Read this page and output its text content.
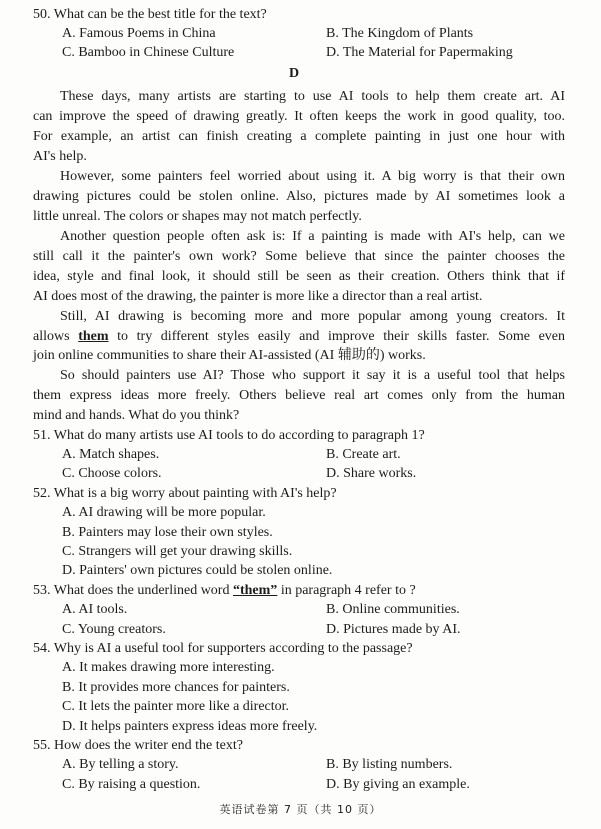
50. What can be the best title for the text?
A. Famous Poems in China	B. The Kingdom of Plants
C. Bamboo in Chinese Culture	D. The Material for Papermaking
D
These days, many artists are starting to use AI tools to help them create art. AI
can improve the speed of drawing greatly. It often keeps the work in good quality, too.
For example, an artist can finish creating a complete painting in just one hour with
AI's help.
However, some painters feel worried about using it. A big worry is that their own
drawing pictures could be stolen online. Also, pictures made by AI sometimes look a
little unreal. The colors or shapes may not match perfectly.
Another question people often ask is: If a painting is made with AI's help, can we
still call it the painter's own work? Some believe that since the painter chooses the
idea, style and final look, it should still be seen as their creation. Others think that if
AI does most of the drawing, the painter is more like a director than a real artist.
Still, AI drawing is becoming more and more popular among young creators. It
allows them to try different styles easily and improve their skills faster. Some even
join online communities to share their AI-assisted (AI 辅助的) works.
So should painters use AI? Those who support it say it is a useful tool that helps
them express ideas more freely. Others believe real art comes only from the human
mind and hands. What do you think?
51. What do many artists use AI tools to do according to paragraph 1?
A. Match shapes.	B. Create art.
C. Choose colors.	D. Share works.
52. What is a big worry about painting with AI's help?
A. AI drawing will be more popular.
B. Painters may lose their own styles.
C. Strangers will get your drawing skills.
D. Painters' own pictures could be stolen online.
53. What does the underlined word “them” in paragraph 4 refer to ?
A. AI tools.	B. Online communities.
C. Young creators.	D. Pictures made by AI.
54. Why is AI a useful tool for supporters according to the passage?
A. It makes drawing more interesting.
B. It provides more chances for painters.
C. It lets the painter more like a director.
D. It helps painters express ideas more freely.
55. How does the writer end the text?
A. By telling a story.	B. By listing numbers.
C. By raising a question.	D. By giving an example.
英语试卷第 7 页（共 10 页）
